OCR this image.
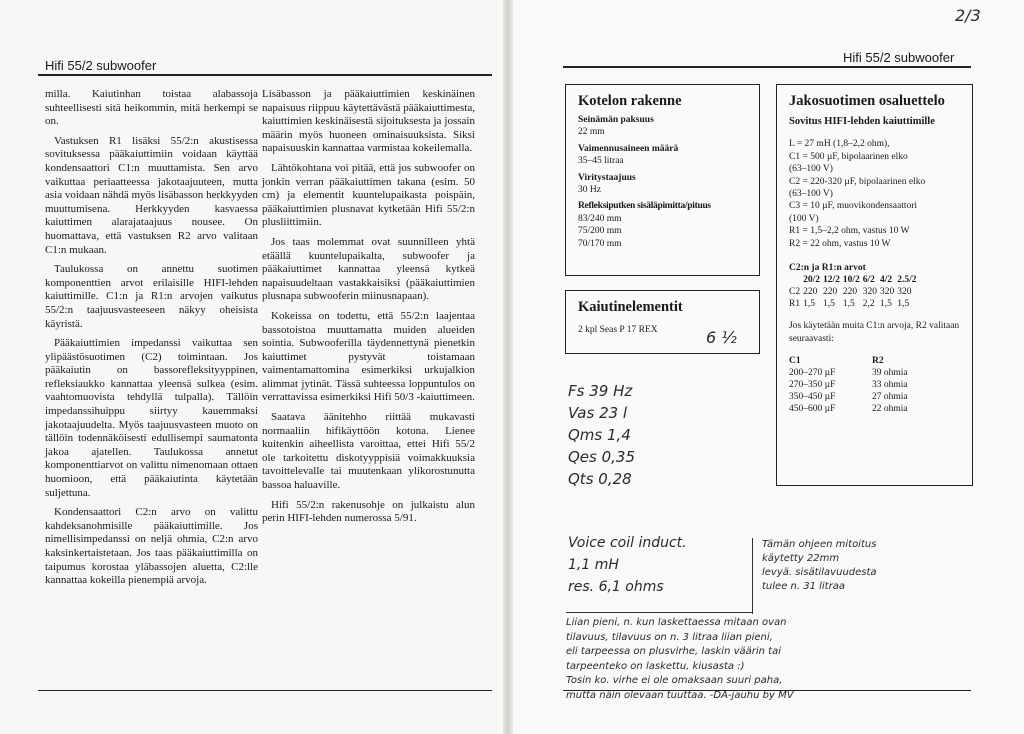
2/3
Hifi 55/2 subwoofer

milla. Kaiutinhan toistaa alabassoja suhteellisesti sitä heikommin, mitä herkempi se on.

Vastuksen R1 lisäksi 55/2:n akustisessa sovituksessa pääkaiuttimiin voidaan käyttää kondensaattori C1:n muuttamista. Sen arvo vaikuttaa periaatteessa jakotaajuuteen, mutta asia voidaan nähdä myös lisäbasson herkkyyden muuttumisena. Herkkyyden kasvaessa kaiuttimen alarajataajuus nousee. On huomattava, että vastuksen R2 arvo valitaan C1:n mukaan.

Taulukossa on annettu suotimen komponenttien arvot erilaisille HIFI-lehden kaiuttimille. C1:n ja R1:n arvojen vaikutus 55/2:n taajuusvasteeseen näkyy oheisista käyristä.

Pääkaiuttimien impedanssi vaikuttaa sen ylipäästösuotimen (C2) toimintaan. Jos pääkaiutin on bassorefleksityyppinen, refleksiaukko kannattaa yleensä sulkea (esim. vaahtomuovista tehdyllä tulpalla). Tällöin impedanssihuippu siirtyy kauemmaksi jakotaajuudelta. Myös taajuusvasteen muoto on tällöin todennäköisesti edullisempi saumatonta jakoa ajatellen. Taulukossa annetut komponenttiarvot on valittu nimenomaan ottaen huomioon, että pääkaiutinta käytetään suljettuna.

Kondensaattori C2:n arvo on valittu kahdeksanohmisille pääkaiuttimille. Jos nimellisimpedanssi on neljä ohmia, C2:n arvo kaksinkertaistetaan. Jos taas pääkaiuttimilla on taipumus korostaa yläbassojen aluetta, C2:lle kannattaa kokeilla pienempiä arvoja.

Lisäbasson ja pääkaiuttimien keskinäinen napaisuus riippuu käytettävästä pääkaiuttimesta, kaiuttimien keskinäisestä sijoituksesta ja jossain määrin myös huoneen ominaisuuksista. Siksi napaisuuskin kannattaa varmistaa kokeilemalla.

Lähtökohtana voi pitää, että jos subwoofer on jonkin verran pääkaiuttimen takana (esim. 50 cm) ja elementit kuuntelupaikasta poispäin, pääkaiuttimien plusnavat kytketään Hifi 55/2:n plusliittimiin.

Jos taas molemmat ovat suunnilleen yhtä etäällä kuuntelupaikalta, subwoofer ja pääkaiuttimet kannattaa yleensä kytkeä napaisuudeltaan vastakkaisiksi (pääkaiuttimien plusnapa subwooferin miinusnapaan).

Kokeissa on todettu, että 55/2:n laajentaa bassotoistoa muuttamatta muiden alueiden sointia. Subwooferilla täydennettynä pienetkin kaiuttimet pystyvät toistamaan vaimentamattomina esimerkiksi urkujalkion alimmat jytinät. Tässä suhteessa loppuntulos on verrattavissa esimerkiksi Hifi 50/3 -kaiuttimeen.

Saatava äänitehho riittää mukavasti normaaliin hifikäyttöön kotona. Lienee kuitenkin aiheellista varoittaa, ettei Hifi 55/2 ole tarkoitettu diskotyyppisiä voimakkuuksia tavoittelevalle tai muutenkaan ylikorostunutta bassoa haluaville.

Hifi 55/2:n rakenusohje on julkaistu alun perin HIFI-lehden numerossa 5/91.

Hifi 55/2 subwoofer
Kotelon rakenne
Seinämän paksuus
22 mm
Vaimennusaineen määrä
35–45 litraa
Viritystaajuus
30 Hz
Refleksiputken sisäläpimitta/pituus
83/240 mm
75/200 mm
70/170 mm
Kaiutinelementit
2 kpl Seas P 17 REX	6 ½
Jakosuotimen osaluettelo
Sovitus HIFI-lehden kaiuttimille
L = 27 mH (1,8–2,2 ohm),
C1 = 500 µF, bipolaarinen elko
(63–100 V)
C2 = 220-320 µF, bipolaarinen elko
(63–100 V)
C3 = 10 µF, muovikondensaattori
(100 V)
R1 = 1,5–2,2 ohm, vastus 10 W
R2 = 22 ohm, vastus 10 W
C2:n ja R1:n arvot
	20/2	12/2	10/2	6/2	4/2	2.5/2
C2	220	220	220	320	320	320
R1	1,5	1,5	1,5	2,2	1,5	1,5
Jos käytetään muita C1:n arvoja, R2 valitaan seuraavasti:
C1	R2
200–270 µF	39 ohmia
270–350 µF	33 ohmia
350–450 µF	27 ohmia
450–600 µF	22 ohmia
Fs 39 Hz
Vas 23 l
Qms 1,4
Qes 0,35
Qts 0,28
Voice coil induct.
1,1 mH
res. 6,1 ohms
Tämän ohjeen mitoitus
käytetty 22mm
levyä. sisätilavuudesta
tulee n. 31 litraa
Liian pieni, n. kun laskettaessa mitaan ovan
tilavuus, tilavuus on n. 3 litraa liian pieni,
eli tarpeessa on plusvirhe, laskin väärin tai
tarpeenteko on laskettu, kiusasta :)
Tosin ko. virhe ei ole omaksaan suuri paha,
mutta näin olevaan tuuttaa. -DA-jauhu by MV
